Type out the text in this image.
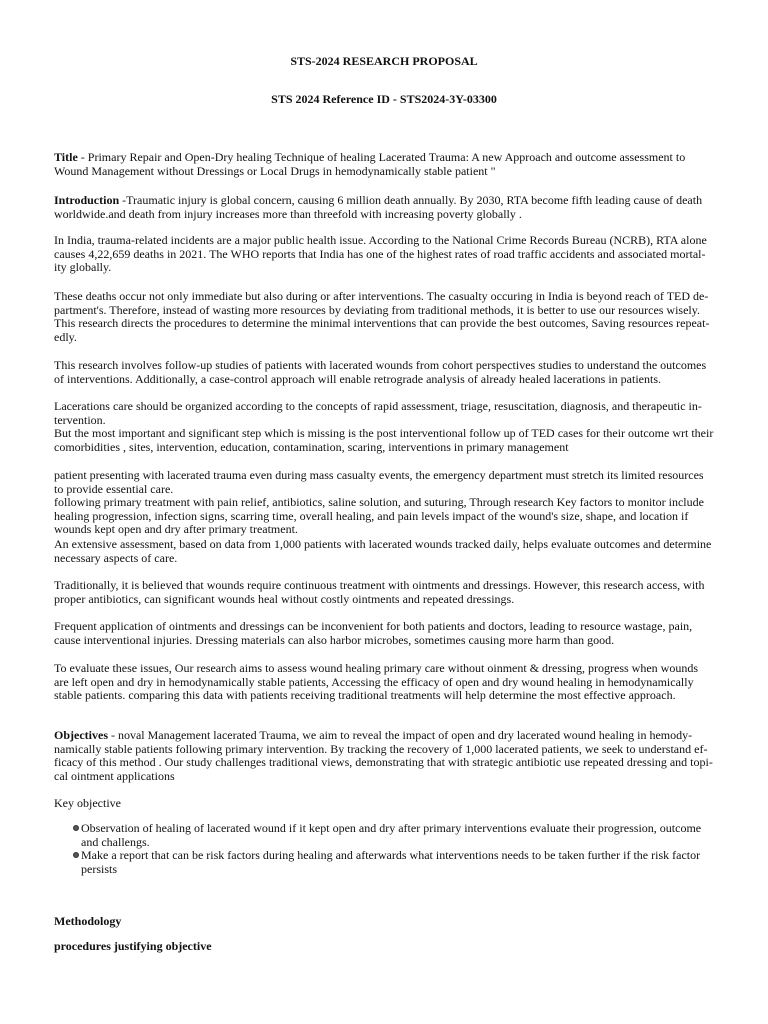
STS-2024 RESEARCH PROPOSAL
STS 2024 Reference ID - STS2024-3Y-03300

Title - Primary Repair and Open-Dry healing Technique of healing Lacerated Trauma: A new Approach and outcome assessment to Wound Management without Dressings or Local Drugs in hemodynamically stable patient "

Introduction -Traumatic injury is global concern, causing 6 million death annually. By 2030, RTA become fifth leading cause of death worldwide.and death from injury increases more than threefold with increasing poverty globally .

In India, trauma-related incidents are a major public health issue. According to the National Crime Records Bureau (NCRB), RTA alone causes 4,22,659 deaths in 2021. The WHO reports that India has one of the highest rates of road traffic accidents and associated mortal-ity globally.

These deaths occur not only immediate but also during or after interventions. The casualty occuring in India is beyond reach of TED de-partment's. Therefore, instead of wasting more resources by deviating from traditional methods, it is better to use our resources wisely. This research directs the procedures to determine the minimal interventions that can provide the best outcomes, Saving resources repeat-edly.

This research involves follow-up studies of patients with lacerated wounds from cohort perspectives studies to understand the outcomes of interventions. Additionally, a case-control approach will enable retrograde analysis of already healed lacerations in patients.

Lacerations care should be organized according to the concepts of rapid assessment, triage, resuscitation, diagnosis, and therapeutic in-tervention.

But the most important and significant step which is missing is the post interventional follow up of TED cases for their outcome wrt their comorbidities , sites, intervention, education, contamination, scaring, interventions in primary management

patient presenting with lacerated trauma even during mass casualty events, the emergency department must stretch its limited resources to provide essential care.

following primary treatment with pain relief, antibiotics, saline solution, and suturing, Through research Key factors to monitor include healing progression, infection signs, scarring time, overall healing, and pain levels impact of the wound's size, shape, and location if wounds kept open and dry after primary treatment.

An extensive assessment, based on data from 1,000 patients with lacerated wounds tracked daily, helps evaluate outcomes and determine necessary aspects of care.

Traditionally, it is believed that wounds require continuous treatment with ointments and dressings. However, this research access, with proper antibiotics, can significant wounds heal without costly ointments and repeated dressings.

Frequent application of ointments and dressings can be inconvenient for both patients and doctors, leading to resource wastage, pain, cause interventional injuries. Dressing materials can also harbor microbes, sometimes causing more harm than good.

To evaluate these issues, Our research aims to assess wound healing primary care without oinment & dressing, progress when wounds are left open and dry in hemodynamically stable patients, Accessing the efficacy of open and dry wound healing in hemodynamically stable patients. comparing this data with patients receiving traditional treatments will help determine the most effective approach.

Objectives - noval Management lacerated Trauma, we aim to reveal the impact of open and dry lacerated wound healing in hemody-namically stable patients following primary intervention. By tracking the recovery of 1,000 lacerated patients, we seek to understand ef-ficacy of this method . Our study challenges traditional views, demonstrating that with strategic antibiotic use repeated dressing and topi-cal ointment applications

Key objective

Observation of healing of lacerated wound if it kept open and dry after primary interventions evaluate their progression, outcome and challengs.
Make a report that can be risk factors during healing and afterwards what interventions needs to be taken further if the risk factor persists

Methodology

procedures justifying objective
